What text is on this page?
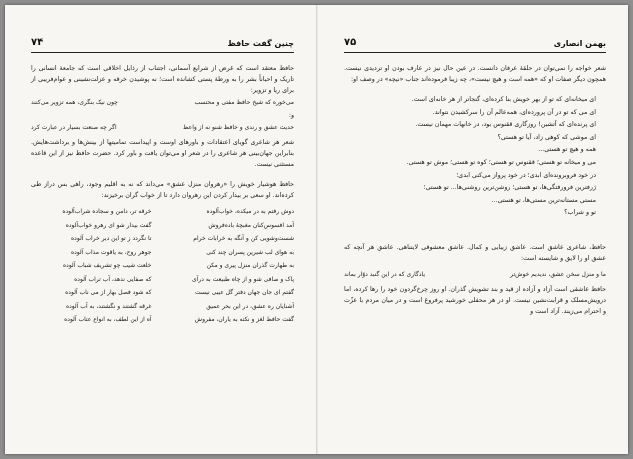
۷۴	چنین گفت حافظ

حافظ معتقد است که غرض از شرایع آسمانی، اجتناب از رذایل اخلاقی است که جامعهٔ انسانی را تاریک و احیاناً بشر را به ورطهٔ پستی کشانده است؛ نه پوشیدن خرقه و عزلت‌نشینی و عوام‌فریبی از برای ریا و تزویر:

می‌خوره که شیخ حافظ مفتی و محتسب
چون نیک بنگری، همه تزویر می‌کنند

و:

حدیث عشق و رندی و حافظ شنو نه از واعظ
اگر چه صنعت بسیار در عبارت کرد

شعر هر شاعری گویای اعتقادات و باورهای اوست و اپیداست تمامیتها از بینش‌ها و برداشت‌هایش. بنابراین جهان‌بینی هر شاعری را در شعر او می‌توان یافت و باور کرد. حضرت حافظ نیز از این قاعده مستثنی نیست.

حافظ هوشیار خویش را «رهروان منزل عشق» می‌داند که نه به اقلیم وجود، راهی بس دراز طی کرده‌اند. او سعی بر بیدار کردن این رهروان دارد تا از خواب گران برخیزند:

دوش رفتم به در میکده، خواب‌آلوده
خرقه تر، دامن و سجاده شراب‌آلوده
آمد افسوس‌کنان مغبچهٔ باده‌فروش
گفت بیدار شو ای رهرو خواب‌آلوده
شست‌وشویی کن و آنگه به خرابات خرام
تا نگردد ز تو این دیر خراب آلوده
به هوای لب شیرین پسران چند کنی
جوهر روح، به یاقوت مذاب آلوده
به طهارت گذران منزل پیری و مکن
خلعت شیب چو تشریف شباب آلوده
پاک و صافی شو و از چاه طبیعت به درآی
که صفایی ندهد، آب تراب آلوده
گفتم ای جان جهان دفتر گل عیبی نیست
که شود فصل بهار از می ناب آلوده
آشنایان ره عشق، در این بحر عمیق
غرقه گشتند و نگشتند، به آب آلوده
گفت حافظ لغز و نکته به یاران، مفروش
آه از این لطف، به انواع عتاب آلوده
۷۵	بهمن انصاری

شعر خواجه را نمی‌توان در حلقهٔ عرفان دانست. در عین حال نیز در عارف بودن او تردیدی نیست. همچون دیگر صفات او که «همه است و هیچ نیست»، چه زیبا فرموده‌اند جناب «نیچه» در وصف او:

ای میخانه‌ای که تو از بهر خویش بنا کرده‌ای، گنجاتر از هر خانه‌ای است.

ای می که تو در آن پرورده‌ای، همه‌عالم آن را سرکشیدن نتواند.

ای پرنده‌ای که آتشین! روزگاری ققنوس بود، در خانهات مهمان نیست.

ای موشی که کوهی زاد، آیا تو هستی؟

همه و هیچ تو هستی...

می و میخانه تو هستی؛ ققنوس تو هستی؛ کوه تو هستی؛ موش تو هستی.

در خود فروبرونده‌ای ابدی؛ در خود پرواز می‌کنی ابدی؛

ژرفترین فرورفتگی‌ها، تو هستی؛ روشن‌ترین روشنی‌ها... تو هستی؛

مستی مستانه‌ترین مستی‌ها، تو هستی...

تو و شراب؟

حافظ، شاعری عاشق است. عاشق زیبایی و کمال. عاشق معشوقی لایتناهی. عاشق هر آنچه که عشق او را لایق و شایسته است:

ما و منزل سخن عشق، ندیدیم خوش‌تر
یادگاری که در این گنبد دوّار بماند

حافظ عاشقی است آزاد و آزاده از قید و بند تشویش گذران. او روز چرخ‌گردون خود را رها کرده، اما درویش‌مسلک و قرابت‌نشین نیست. او در هر محفلی خورشید پرفروغ است و در میان مردم با عزّت و احترام می‌زیند. آزاد است و
